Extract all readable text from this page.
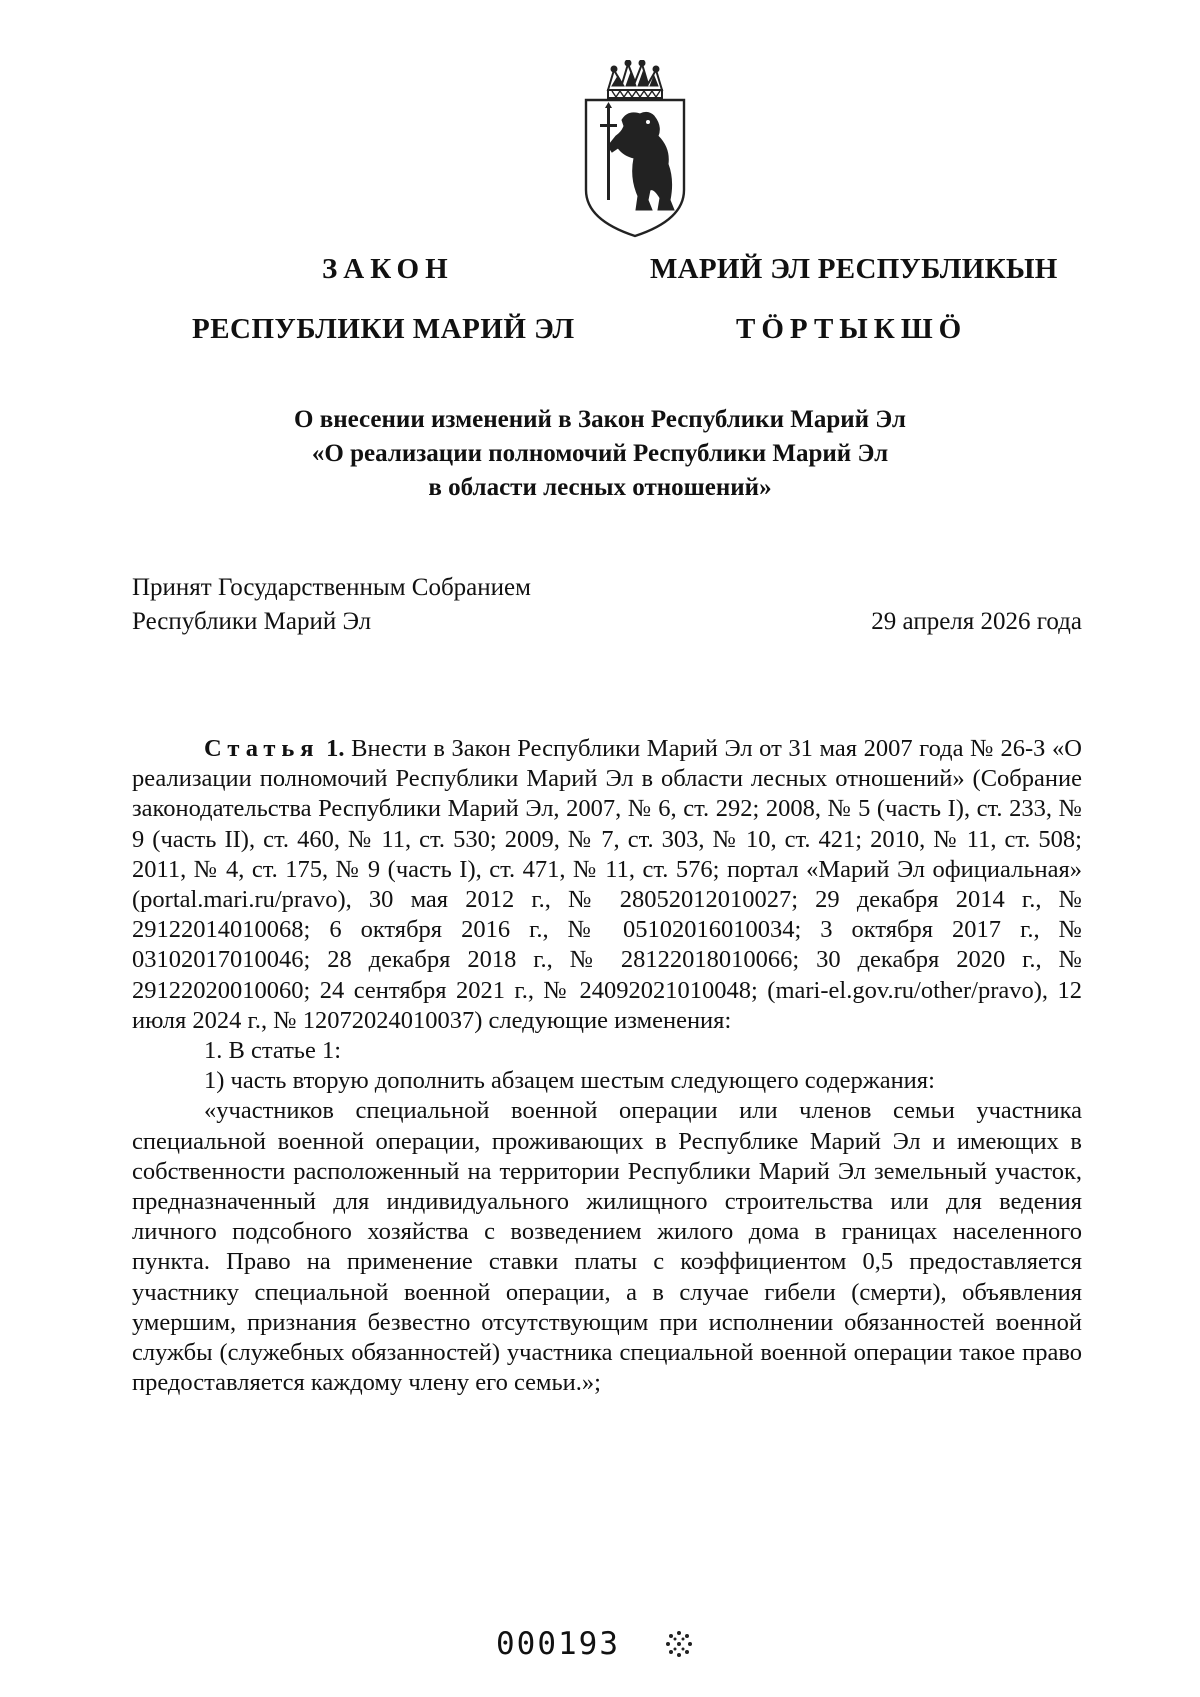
ЗАКОН
РЕСПУБЛИКИ МАРИЙ ЭЛ
МАРИЙ ЭЛ РЕСПУБЛИКЫН
ТӦРТЫКШӦ
О внесении изменений в Закон Республики Марий Эл
«О реализации полномочий Республики Марий Эл
в области лесных отношений»
Принят Государственным Собранием
Республики Марий Эл	29 апреля 2026 года

Статья 1. Внести в Закон Республики Марий Эл от 31 мая 2007 года № 26-З «О реализации полномочий Республики Марий Эл в области лесных отношений» (Собрание законодательства Республики Марий Эл, 2007, № 6, ст. 292; 2008, № 5 (часть I), ст. 233, № 9 (часть II), ст. 460, № 11, ст. 530; 2009, № 7, ст. 303, № 10, ст. 421; 2010, № 11, ст. 508; 2011, № 4, ст. 175, № 9 (часть I), ст. 471, № 11, ст. 576; портал «Марий Эл официальная» (portal.mari.ru/pravo), 30 мая 2012 г., № 28052012010027; 29 декабря 2014 г., № 29122014010068; 6 октября 2016 г., № 05102016010034; 3 октября 2017 г., № 03102017010046; 28 декабря 2018 г., № 28122018010066; 30 декабря 2020 г., № 29122020010060; 24 сентября 2021 г., № 24092021010048; (mari-el.gov.ru/other/pravo), 12 июля 2024 г., № 12072024010037) следующие изменения:

1. В статье 1:

1) часть вторую дополнить абзацем шестым следующего содержания:

«участников специальной военной операции или членов семьи участника специальной военной операции, проживающих в Республике Марий Эл и имеющих в собственности расположенный на территории Республики Марий Эл земельный участок, предназначенный для индивидуального жилищного строительства или для ведения личного подсобного хозяйства с возведением жилого дома в границах населенного пункта. Право на применение ставки платы с коэффициентом 0,5 предоставляется участнику специальной военной операции, а в случае гибели (смерти), объявления умершим, признания безвестно отсутствующим при исполнении обязанностей военной службы (служебных обязанностей) участника специальной военной операции такое право предоставляется каждому члену его семьи.»;

000193
